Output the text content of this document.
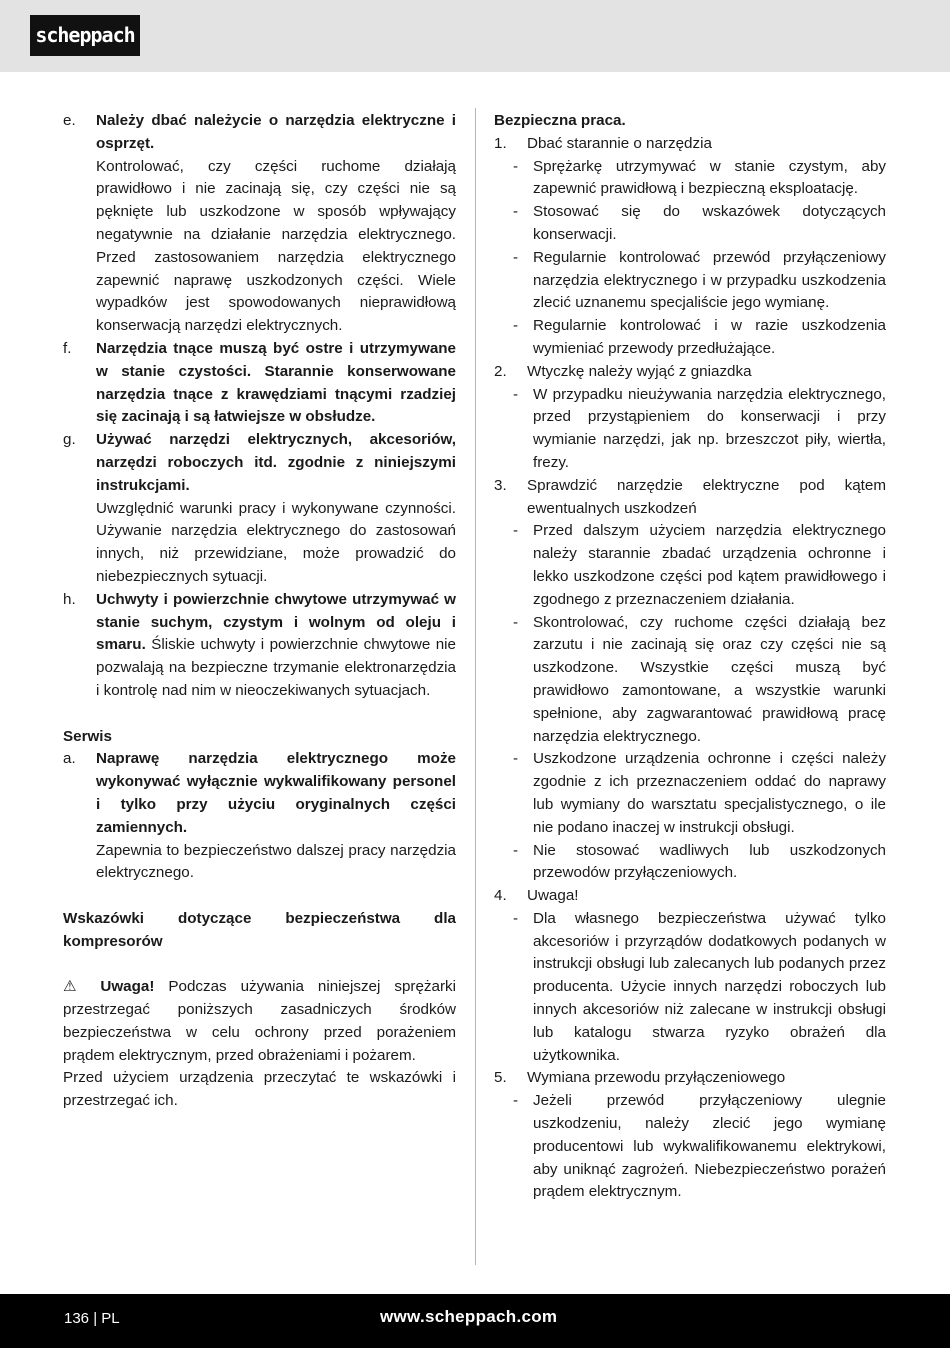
scheppach
e. Należy dbać należycie o narzędzia elektryczne i osprzęt.
Kontrolować, czy części ruchome działają prawidłowo i nie zacinają się, czy części nie są pęknięte lub uszkodzone w sposób wpływający negatywnie na działanie narzędzia elektrycznego. Przed zastosowaniem narzędzia elektrycznego zapewnić naprawę uszkodzonych części. Wiele wypadków jest spowodowanych nieprawidłową konserwacją narzędzi elektrycznych.
f. Narzędzia tnące muszą być ostre i utrzymywane w stanie czystości. Starannie konserwowane narzędzia tnące z krawędziami tnącymi rzadziej się zacinają i są łatwiejsze w obsłudze.
g. Używać narzędzi elektrycznych, akcesoriów, narzędzi roboczych itd. zgodnie z niniejszymi instrukcjami.
Uwzględnić warunki pracy i wykonywane czynności. Używanie narzędzia elektrycznego do zastosowań innych, niż przewidziane, może prowadzić do niebezpiecznych sytuacji.
h. Uchwyty i powierzchnie chwytowe utrzymywać w stanie suchym, czystym i wolnym od oleju i smaru. Śliskie uchwyty i powierzchnie chwytowe nie pozwalają na bezpieczne trzymanie elektronarzędzia i kontrolę nad nim w nieoczekiwanych sytuacjach.

Serwis

a. Naprawę narzędzia elektrycznego może wykonywać wyłącznie wykwalifikowany personel i tylko przy użyciu oryginalnych części zamiennych.
Zapewnia to bezpieczeństwo dalszej pracy narzędzia elektrycznego.

Wskazówki dotyczące bezpieczeństwa dla kompresorów

⚠ Uwaga! Podczas używania niniejszej sprężarki przestrzegać poniższych zasadniczych środków bezpieczeństwa w celu ochrony przed porażeniem prądem elektrycznym, przed obrażeniami i pożarem.

Przed użyciem urządzenia przeczytać te wskazówki i przestrzegać ich.

Bezpieczna praca.

1. Dbać starannie o narzędzia
- Sprężarkę utrzymywać w stanie czystym, aby zapewnić prawidłową i bezpieczną eksploatację.
- Stosować się do wskazówek dotyczących konserwacji.
- Regularnie kontrolować przewód przyłączeniowy narzędzia elektrycznego i w przypadku uszkodzenia zlecić uznanemu specjaliście jego wymianę.
- Regularnie kontrolować i w razie uszkodzenia wymieniać przewody przedłużające.
2. Wtyczkę należy wyjąć z gniazdka
- W przypadku nieużywania narzędzia elektrycznego, przed przystąpieniem do konserwacji i przy wymianie narzędzi, jak np. brzeszczot piły, wiertła, frezy.
3. Sprawdzić narzędzie elektryczne pod kątem ewentualnych uszkodzeń
- Przed dalszym użyciem narzędzia elektrycznego należy starannie zbadać urządzenia ochronne i lekko uszkodzone części pod kątem prawidłowego i zgodnego z przeznaczeniem działania.
- Skontrolować, czy ruchome części działają bez zarzutu i nie zacinają się oraz czy części nie są uszkodzone. Wszystkie części muszą być prawidłowo zamontowane, a wszystkie warunki spełnione, aby zagwarantować prawidłową pracę narzędzia elektrycznego.
- Uszkodzone urządzenia ochronne i części należy zgodnie z ich przeznaczeniem oddać do naprawy lub wymiany do warsztatu specjalistycznego, o ile nie podano inaczej w instrukcji obsługi.
- Nie stosować wadliwych lub uszkodzonych przewodów przyłączeniowych.
4. Uwaga!
- Dla własnego bezpieczeństwa używać tylko akcesoriów i przyrządów dodatkowych podanych w instrukcji obsługi lub zalecanych lub podanych przez producenta. Użycie innych narzędzi roboczych lub innych akcesoriów niż zalecane w instrukcji obsługi lub katalogu stwarza ryzyko obrażeń dla użytkownika.
5. Wymiana przewodu przyłączeniowego
- Jeżeli przewód przyłączeniowy ulegnie uszkodzeniu, należy zlecić jego wymianę producentowi lub wykwalifikowanemu elektrykowi, aby uniknąć zagrożeń. Niebezpieczeństwo porażeń prądem elektrycznym.
136 | PL	www.scheppach.com
